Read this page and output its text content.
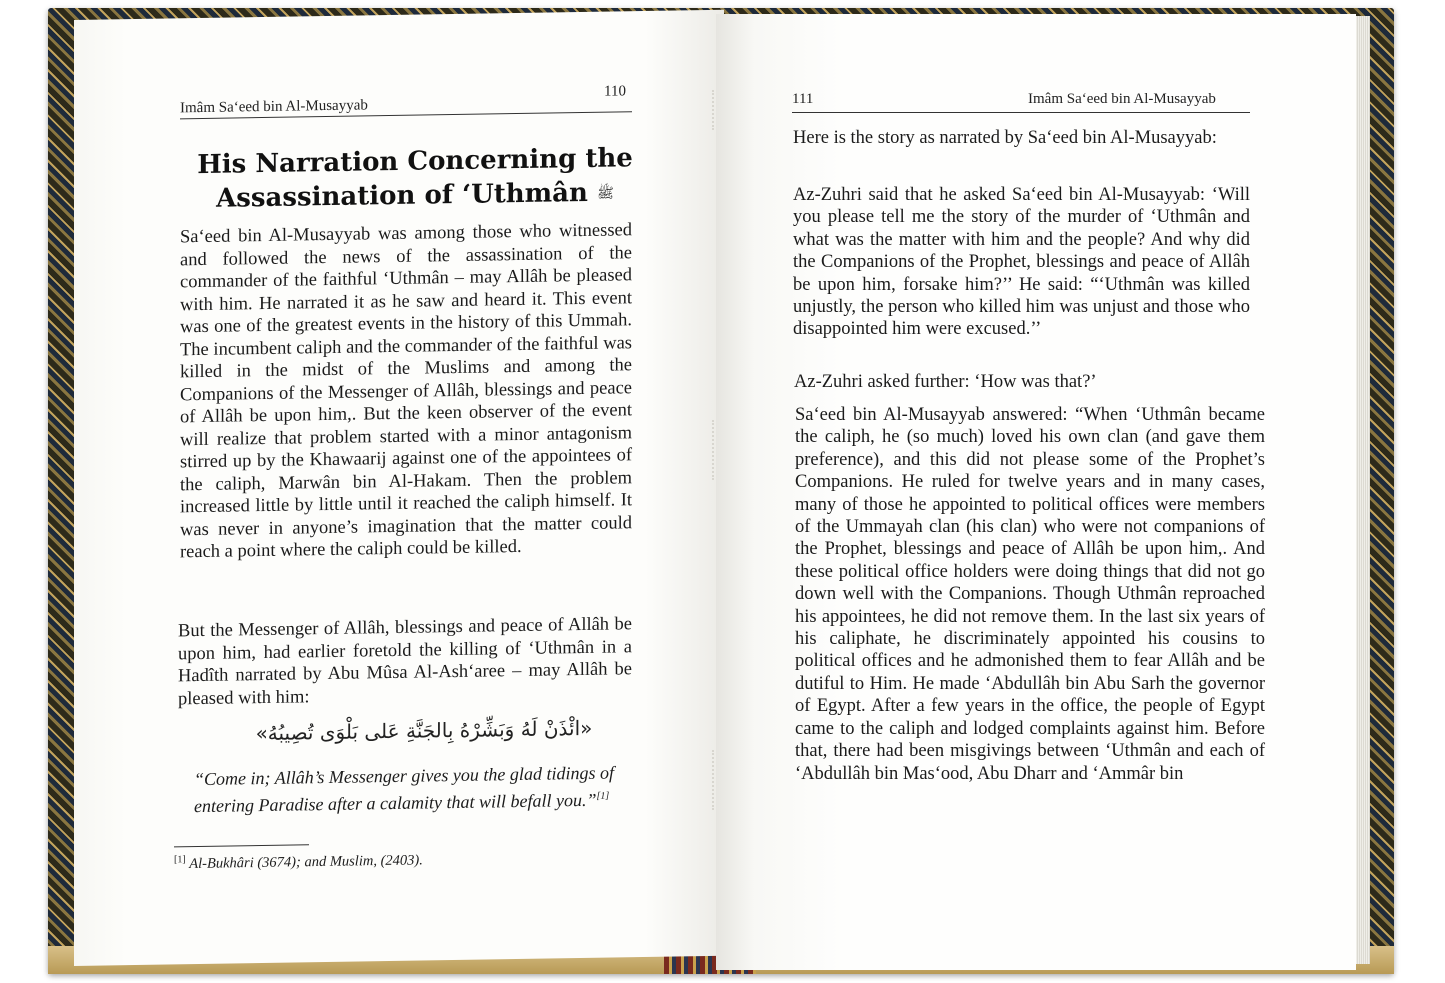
Imâm Sa‘eed bin Al-Musayyab
110
His Narration Concerning the
Assassination of ‘Uthmân ﷺ
Sa‘eed bin Al-Musayyab was among those who witnessed and followed the news of the assassination of the commander of the faithful ‘Uthmân – may Allâh be pleased with him. He narrated it as he saw and heard it. This event was one of the greatest events in the history of this Ummah. The incumbent caliph and the commander of the faithful was killed in the midst of the Muslims and among the Companions of the Messenger of Allâh, blessings and peace of Allâh be upon him,. But the keen observer of the event will realize that problem started with a minor antagonism stirred up by the Khawaarij against one of the appointees of the caliph, Marwân bin Al-Hakam. Then the problem increased little by little until it reached the caliph himself. It was never in anyone’s imagination that the matter could reach a point where the caliph could be killed.
But the Messenger of Allâh, blessings and peace of Allâh be upon him, had earlier foretold the killing of ‘Uthmân in a Hadîth narrated by Abu Mûsa Al-Ash‘aree – may Allâh be pleased with him:
«ائْذَنْ لَهُ وَبَشِّرْهُ بِالجَنَّةِ عَلى بَلْوَى تُصِيبُهُ»
“Come in; Allâh’s Messenger gives you the glad tidings of entering Paradise after a calamity that will befall you.”[1]
[1] Al-Bukhâri (3674); and Muslim, (2403).
111	Imâm Sa‘eed bin Al-Musayyab
Here is the story as narrated by Sa‘eed bin Al-Musayyab:
Az-Zuhri said that he asked Sa‘eed bin Al-Musayyab: ‘Will you please tell me the story of the murder of ‘Uthmân and what was the matter with him and the people? And why did the Companions of the Prophet, blessings and peace of Allâh be upon him, forsake him?’’ He said: “‘Uthmân was killed unjustly, the person who killed him was unjust and those who disappointed him were excused.’’
Az-Zuhri asked further: ‘How was that?’
Sa‘eed bin Al-Musayyab answered: “When ‘Uthmân became the caliph, he (so much) loved his own clan (and gave them preference), and this did not please some of the Prophet’s Companions. He ruled for twelve years and in many cases, many of those he appointed to political offices were members of the Ummayah clan (his clan) who were not companions of the Prophet, blessings and peace of Allâh be upon him,. And these political office holders were doing things that did not go down well with the Companions. Though Uthmân reproached his appointees, he did not remove them. In the last six years of his caliphate, he discriminately appointed his cousins to political offices and he admonished them to fear Allâh and be dutiful to Him. He made ‘Abdullâh bin Abu Sarh the governor of Egypt. After a few years in the office, the people of Egypt came to the caliph and lodged complaints against him. Before that, there had been misgivings between ‘Uthmân and each of ‘Abdullâh bin Mas‘ood, Abu Dharr and ‘Ammâr bin
